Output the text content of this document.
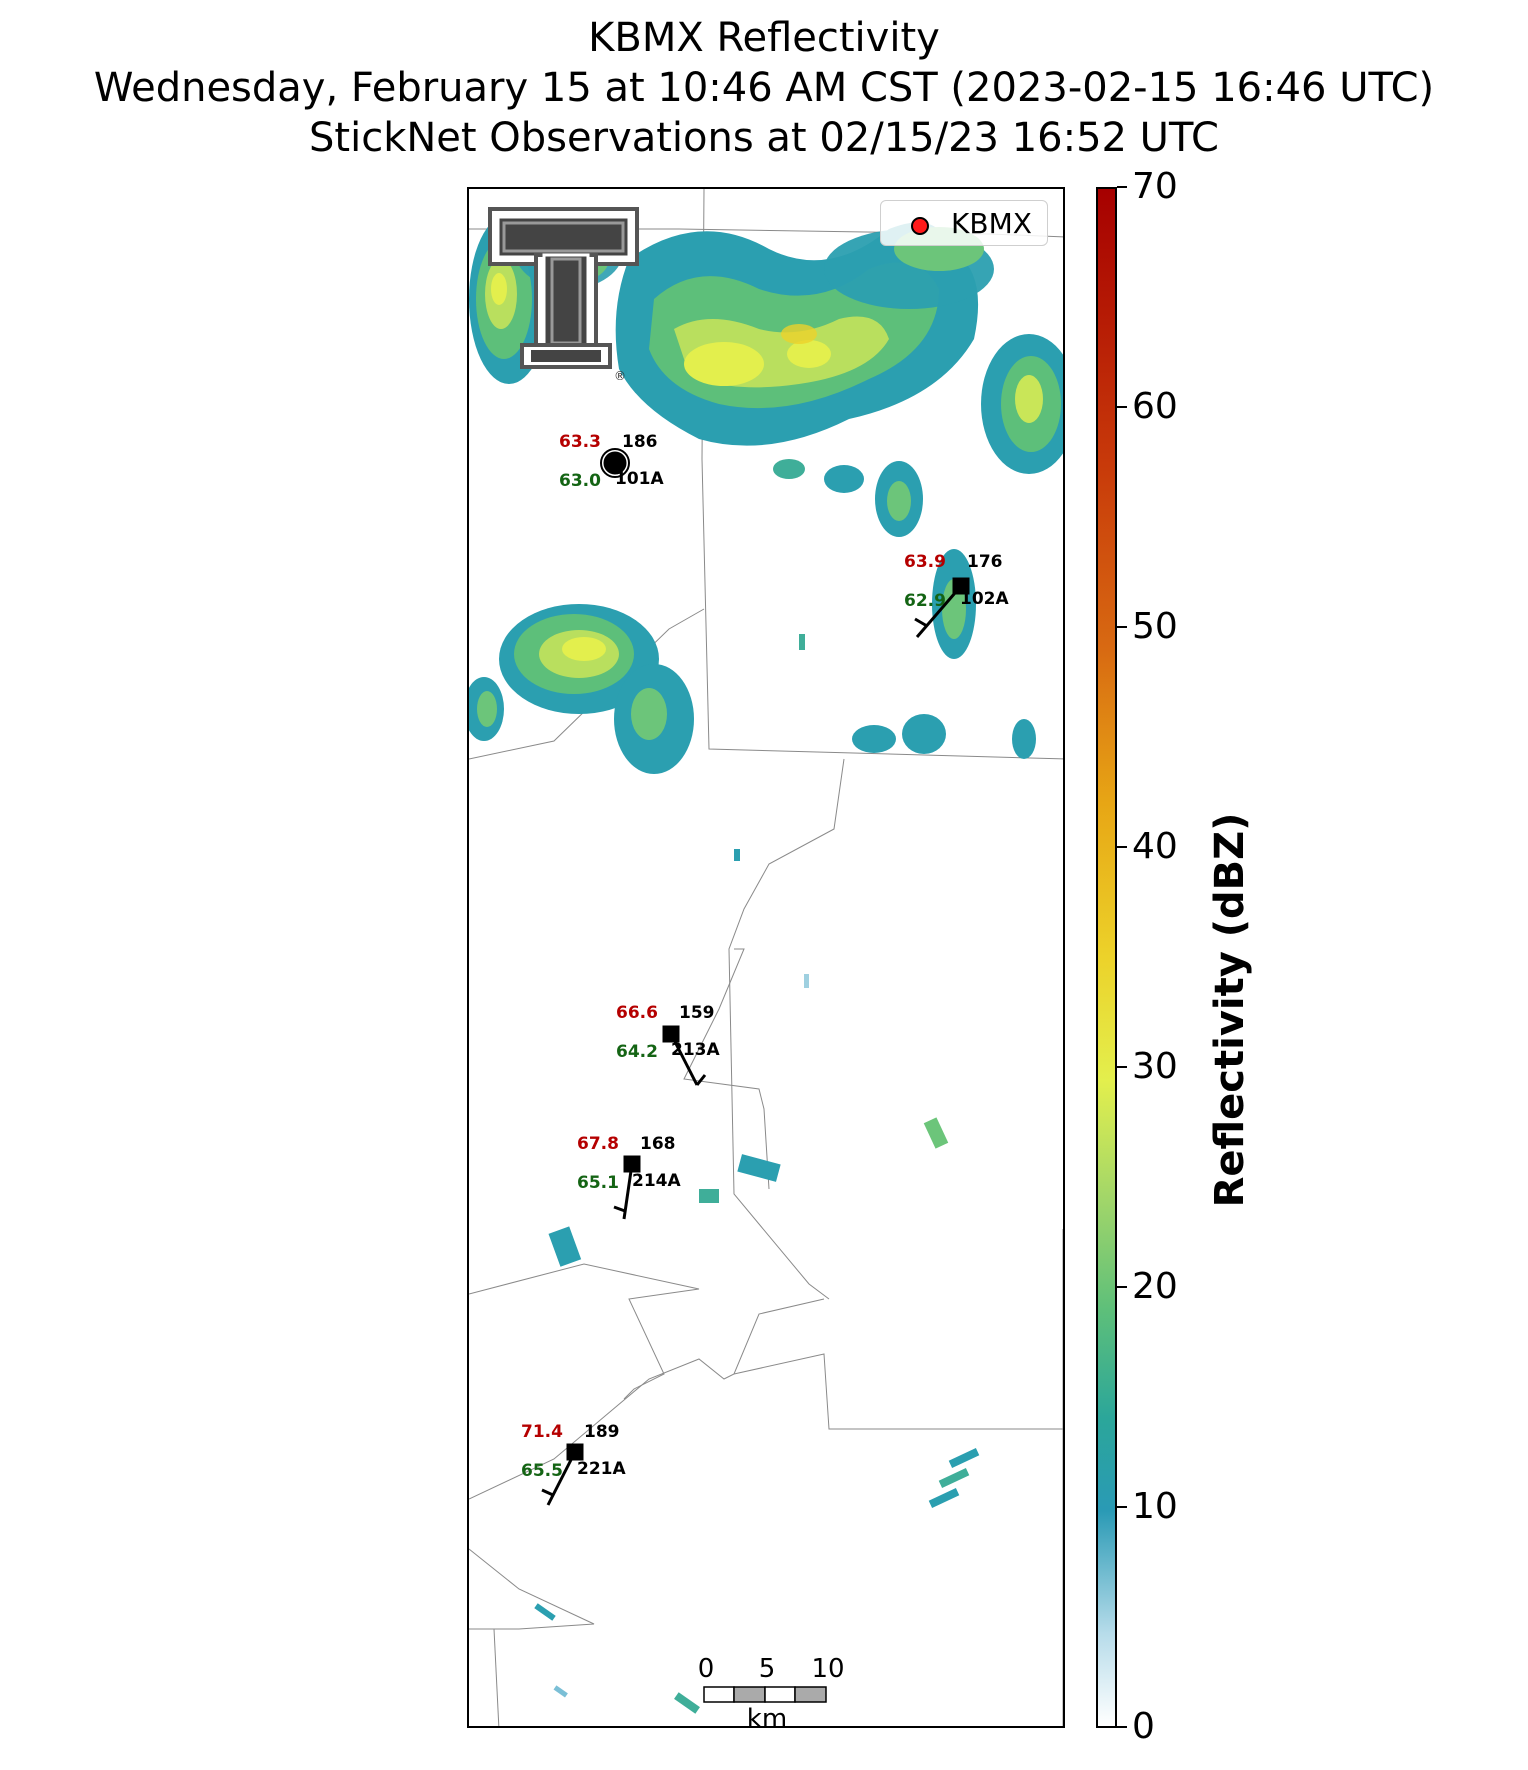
KBMX Reflectivity
Wednesday, February 15 at 10:46 AM CST (2023-02-15 16:46 UTC)
StickNet Observations at 02/15/23 16:52 UTC
®
KBMX
63.3 186
63.0 101A
63.9 176
62.9 102A
66.6 159
64.2 213A
67.8 168
65.1 214A
71.4 189
65.5 221A
0 5 10
km	0
10
20
30
40
50
60
70
Reflectivity (dBZ)
